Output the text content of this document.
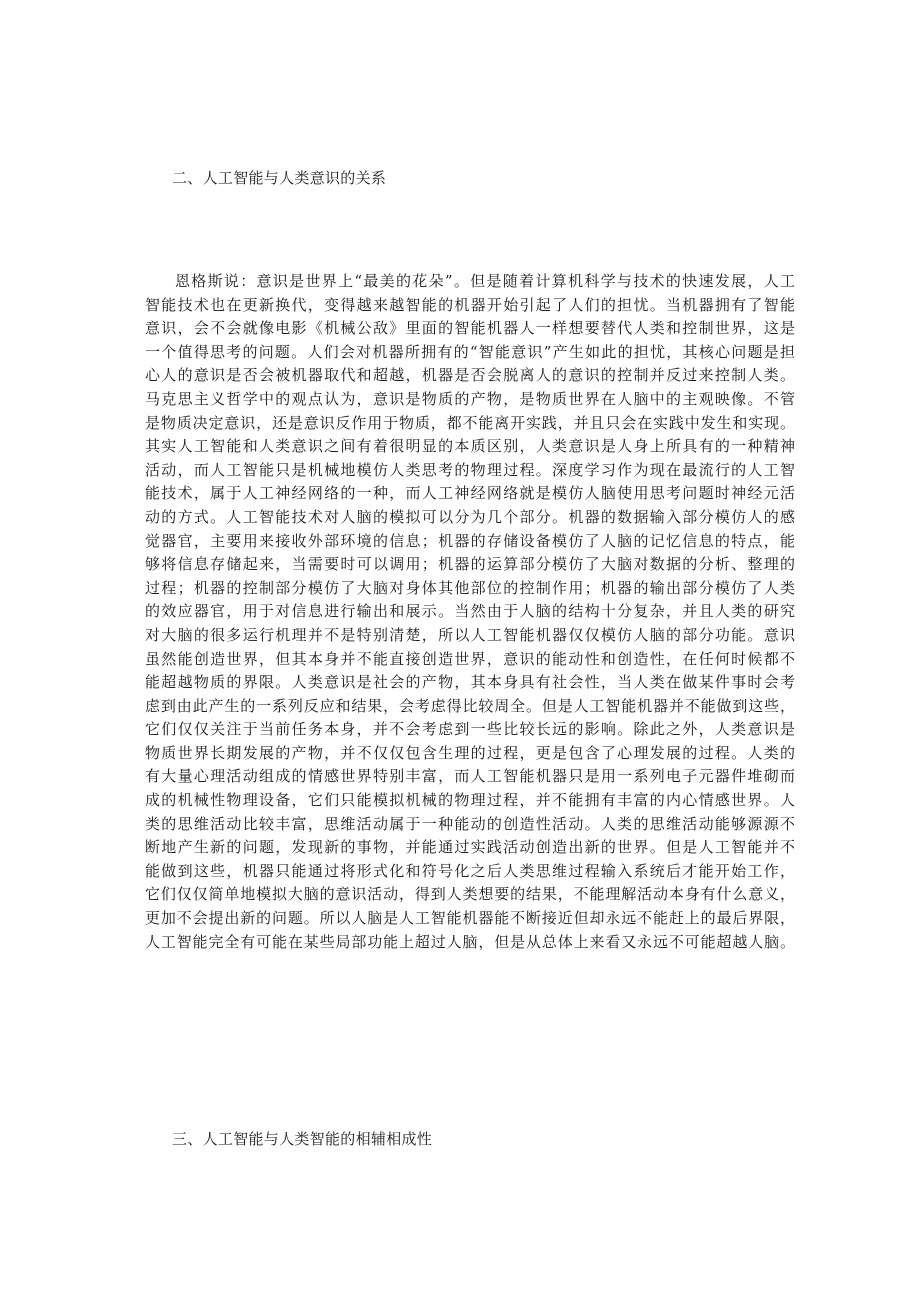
二、人工智能与人类意识的关系
恩格斯说：意识是世界上“最美的花朵”。但是随着计算机科学与技术的快速发展，人工
智能技术也在更新换代，变得越来越智能的机器开始引起了人们的担忧。当机器拥有了智能
意识，会不会就像电影《机械公敌》里面的智能机器人一样想要替代人类和控制世界，这是
一个值得思考的问题。人们会对机器所拥有的“智能意识”产生如此的担忧，其核心问题是担
心人的意识是否会被机器取代和超越，机器是否会脱离人的意识的控制并反过来控制人类。
马克思主义哲学中的观点认为，意识是物质的产物，是物质世界在人脑中的主观映像。不管
是物质决定意识，还是意识反作用于物质，都不能离开实践，并且只会在实践中发生和实现。
其实人工智能和人类意识之间有着很明显的本质区别，人类意识是人身上所具有的一种精神
活动，而人工智能只是机械地模仿人类思考的物理过程。深度学习作为现在最流行的人工智
能技术，属于人工神经网络的一种，而人工神经网络就是模仿人脑使用思考问题时神经元活
动的方式。人工智能技术对人脑的模拟可以分为几个部分。机器的数据输入部分模仿人的感
觉器官，主要用来接收外部环境的信息；机器的存储设备模仿了人脑的记忆信息的特点，能
够将信息存储起来，当需要时可以调用；机器的运算部分模仿了大脑对数据的分析、整理的
过程；机器的控制部分模仿了大脑对身体其他部位的控制作用；机器的输出部分模仿了人类
的效应器官，用于对信息进行输出和展示。当然由于人脑的结构十分复杂，并且人类的研究
对大脑的很多运行机理并不是特别清楚，所以人工智能机器仅仅模仿人脑的部分功能。意识
虽然能创造世界，但其本身并不能直接创造世界，意识的能动性和创造性，在任何时候都不
能超越物质的界限。人类意识是社会的产物，其本身具有社会性，当人类在做某件事时会考
虑到由此产生的一系列反应和结果，会考虑得比较周全。但是人工智能机器并不能做到这些，
它们仅仅关注于当前任务本身，并不会考虑到一些比较长远的影响。除此之外，人类意识是
物质世界长期发展的产物，并不仅仅包含生理的过程，更是包含了心理发展的过程。人类的
有大量心理活动组成的情感世界特别丰富，而人工智能机器只是用一系列电子元器件堆砌而
成的机械性物理设备，它们只能模拟机械的物理过程，并不能拥有丰富的内心情感世界。人
类的思维活动比较丰富，思维活动属于一种能动的创造性活动。人类的思维活动能够源源不
断地产生新的问题，发现新的事物，并能通过实践活动创造出新的世界。但是人工智能并不
能做到这些，机器只能通过将形式化和符号化之后人类思维过程输入系统后才能开始工作，
它们仅仅简单地模拟大脑的意识活动，得到人类想要的结果，不能理解活动本身有什么意义，
更加不会提出新的问题。所以人脑是人工智能机器能不断接近但却永远不能赶上的最后界限，
人工智能完全有可能在某些局部功能上超过人脑，但是从总体上来看又永远不可能超越人脑。
三、人工智能与人类智能的相辅相成性
